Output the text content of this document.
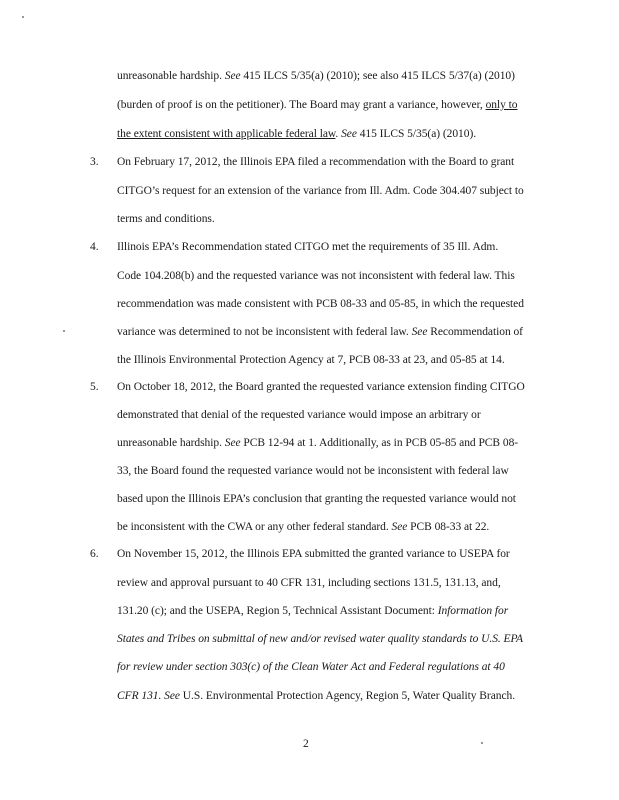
unreasonable hardship. See 415 ILCS 5/35(a) (2010); see also 415 ILCS 5/37(a) (2010)
(burden of proof is on the petitioner). The Board may grant a variance, however, only to
the extent consistent with applicable federal law. See 415 ILCS 5/35(a) (2010).
3. On February 17, 2012, the Illinois EPA filed a recommendation with the Board to grant
CITGO’s request for an extension of the variance from Ill. Adm. Code 304.407 subject to
terms and conditions.
4. Illinois EPA’s Recommendation stated CITGO met the requirements of 35 Ill. Adm.
Code 104.208(b) and the requested variance was not inconsistent with federal law. This
recommendation was made consistent with PCB 08-33 and 05-85, in which the requested
variance was determined to not be inconsistent with federal law. See Recommendation of
the Illinois Environmental Protection Agency at 7, PCB 08-33 at 23, and 05-85 at 14.
5. On October 18, 2012, the Board granted the requested variance extension finding CITGO
demonstrated that denial of the requested variance would impose an arbitrary or
unreasonable hardship. See PCB 12-94 at 1. Additionally, as in PCB 05-85 and PCB 08-
33, the Board found the requested variance would not be inconsistent with federal law
based upon the Illinois EPA’s conclusion that granting the requested variance would not
be inconsistent with the CWA or any other federal standard. See PCB 08-33 at 22.
6. On November 15, 2012, the Illinois EPA submitted the granted variance to USEPA for
review and approval pursuant to 40 CFR 131, including sections 131.5, 131.13, and,
131.20 (c); and the USEPA, Region 5, Technical Assistant Document: Information for
States and Tribes on submittal of new and/or revised water quality standards to U.S. EPA
for review under section 303(c) of the Clean Water Act and Federal regulations at 40
CFR 131. See U.S. Environmental Protection Agency, Region 5, Water Quality Branch.
2
